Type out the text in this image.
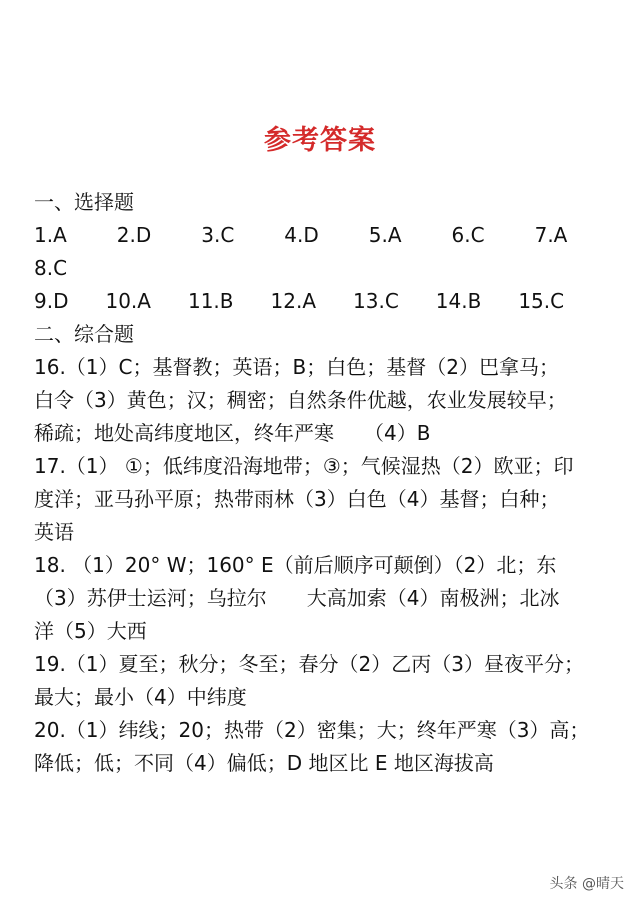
参考答案
一、选择题
1.A	2.D	3.C	4.D	5.A	6.C	7.A
8.C
9.D 10.A 11.B 12.A 13.C 14.B 15.C
二、综合题
16.（1）C；基督教；英语；B；白色；基督（2）巴拿马；
白令（3）黄色；汉；稠密；自然条件优越，农业发展较早；
稀疏；地处高纬度地区，终年严寒　　（4）B
17.（1） ①；低纬度沿海地带；③；气候湿热（2）欧亚；印
度洋；亚马孙平原；热带雨林（3）白色（4）基督；白种；
英语
18. （1）20° W；160° E（前后顺序可颠倒）（2）北；东
（3）苏伊士运河；乌拉尔　　大高加索（4）南极洲；北冰
洋（5）大西
19.（1）夏至；秋分；冬至；春分（2）乙丙（3）昼夜平分；
最大；最小（4）中纬度
20.（1）纬线；20；热带（2）密集；大；终年严寒（3）高；
降低；低；不同（4）偏低；D 地区比 E 地区海拔高
头条 @晴天
